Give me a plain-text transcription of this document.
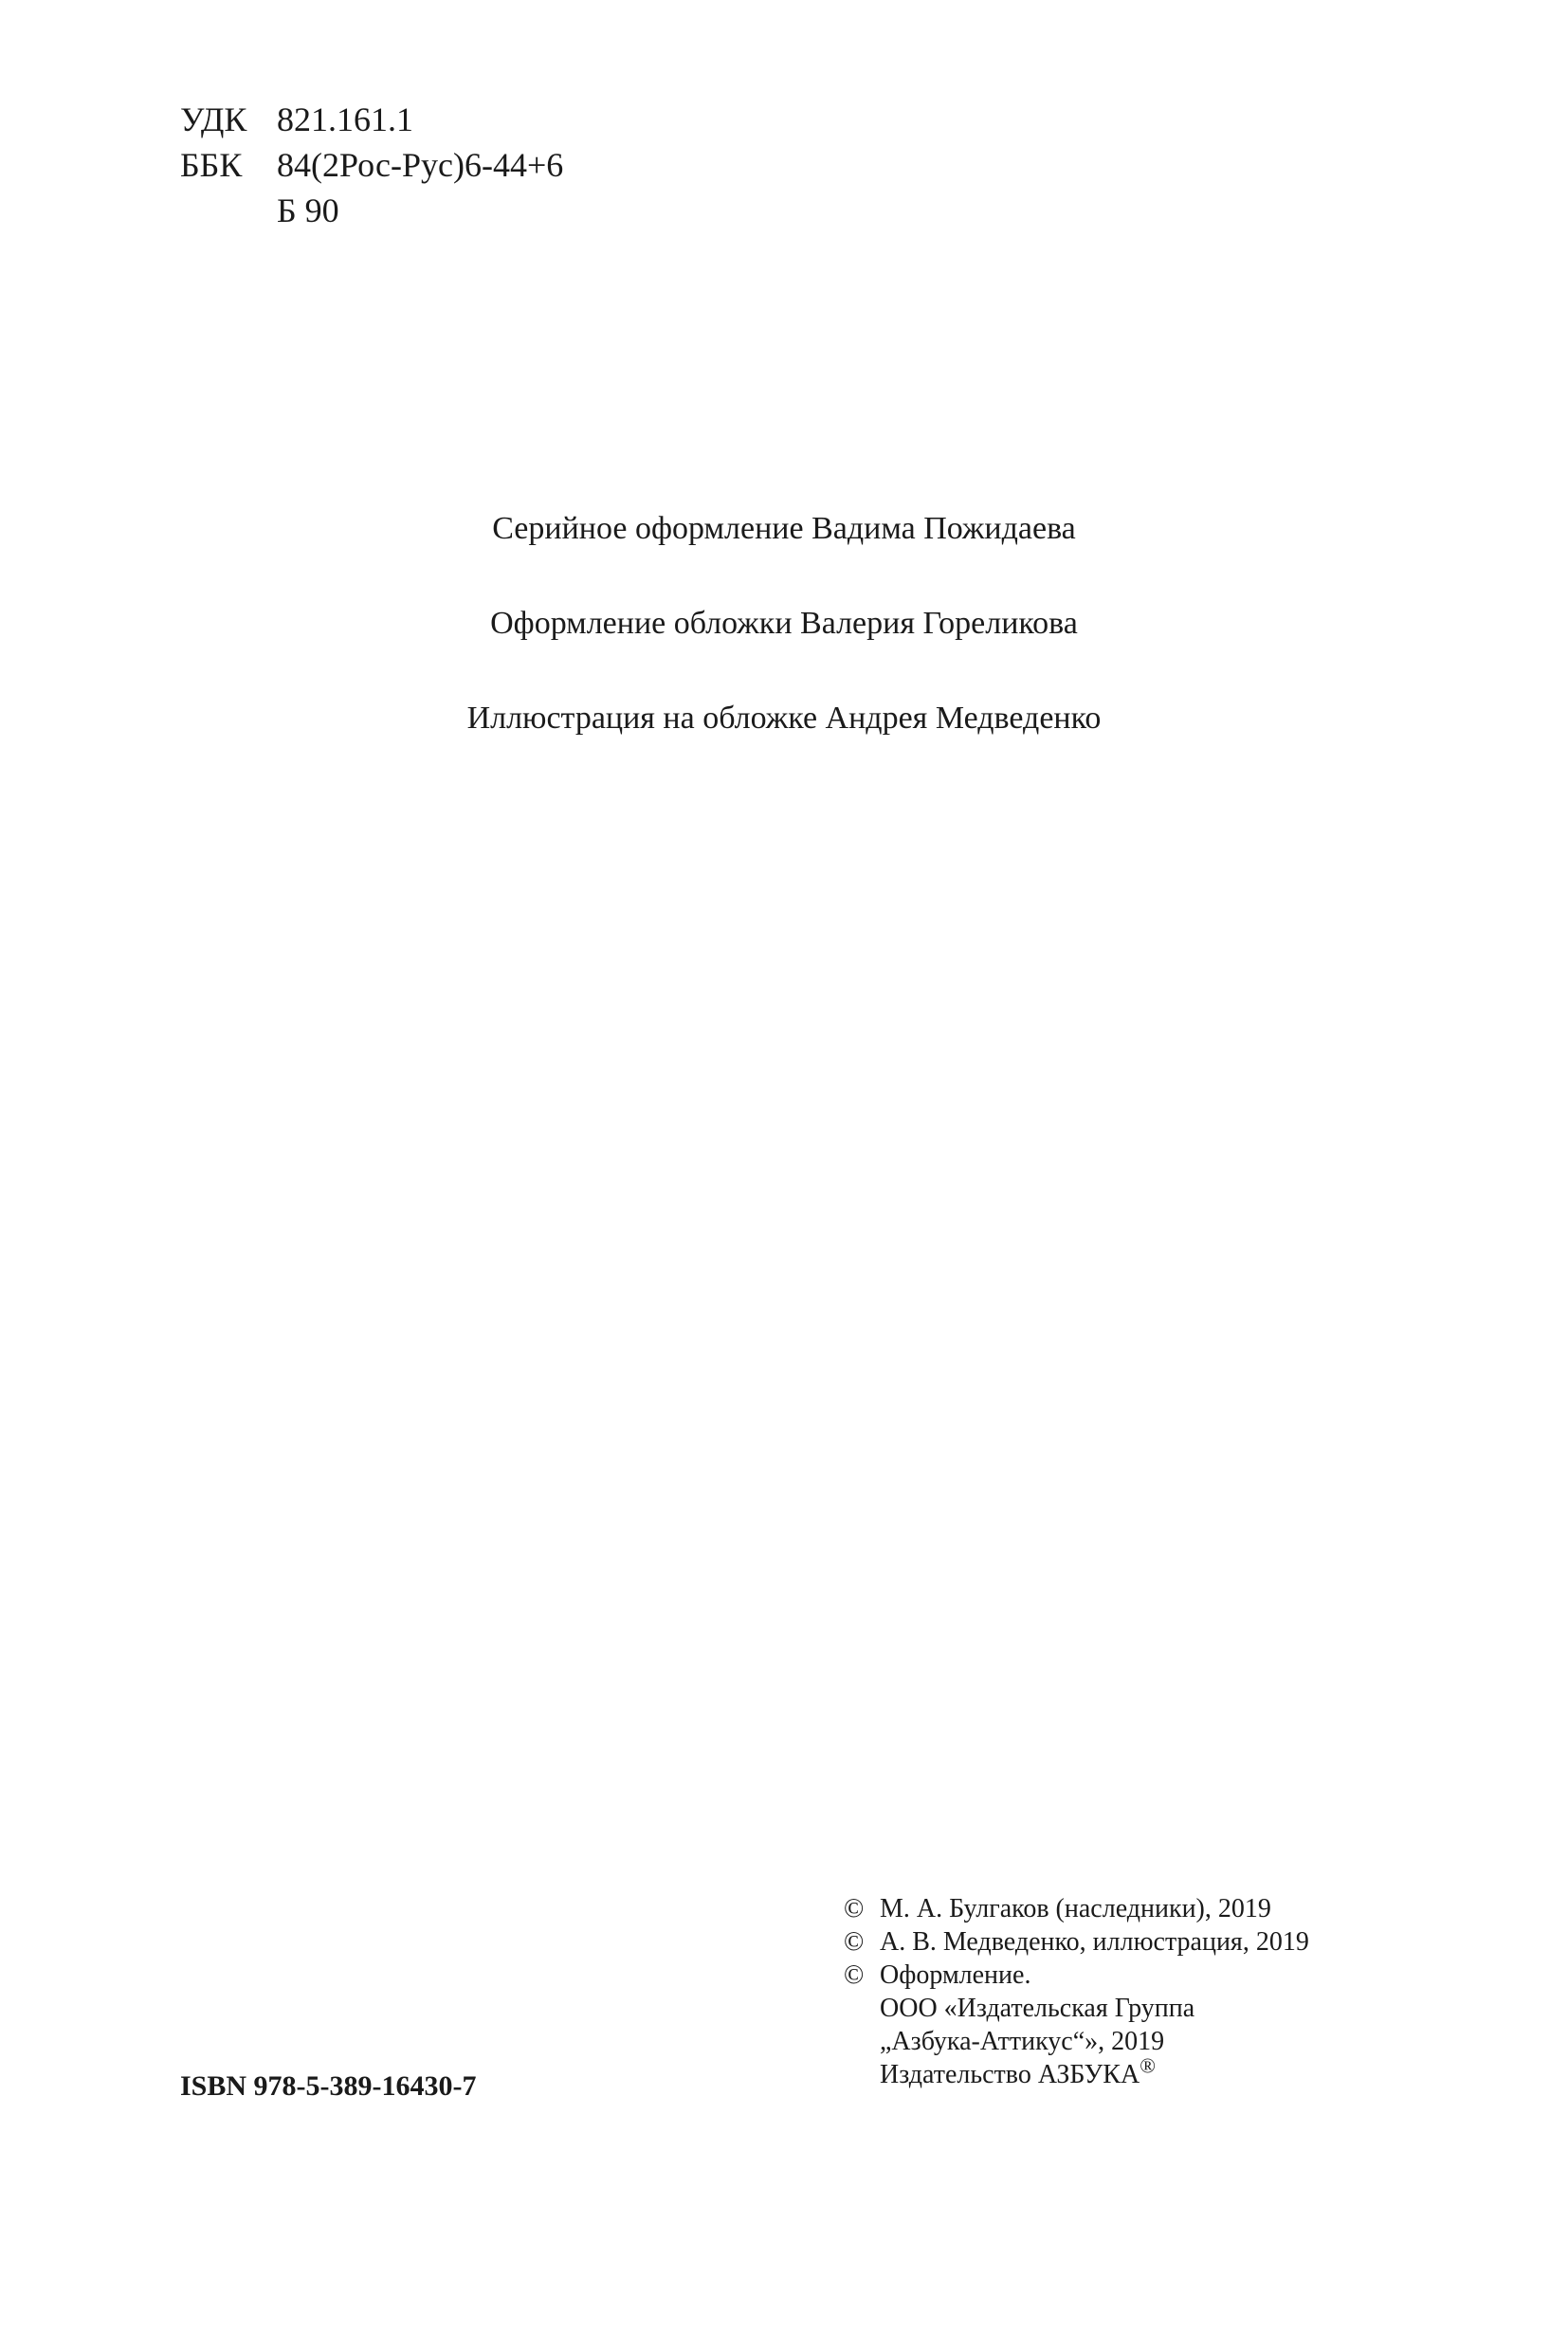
УДК 821.161.1
ББК	84(2Рос-Рус)6-44+6
Б 90
Серийное оформление Вадима Пожидаева
Оформление обложки Валерия Гореликова
Иллюстрация на обложке Андрея Медведенко
ISBN 978-5-389-16430-7
© М. А. Булгаков (наследники), 2019
© А. В. Медведенко, иллюстрация, 2019
© Оформление.
ООО «Издательская Группа
„Азбука-Аттикус“», 2019
Издательство АЗБУКА®
